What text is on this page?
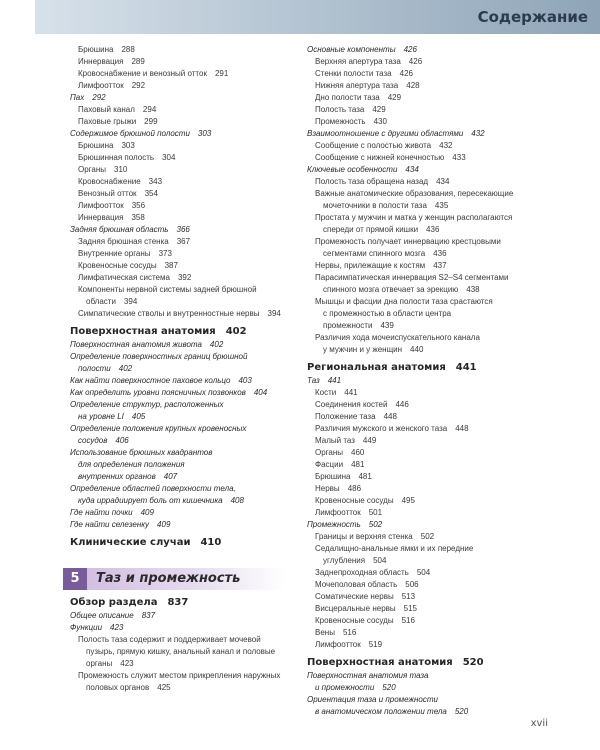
Содержание
Брюшина 288
Иннервация 289
Кровоснабжение и венозный отток 291
Лимфоотток 292
Пах 292
Паховый канал 294
Паховые грыжи 299
Содержимое брюшной полости 303
Брюшина 303
Брюшинная полость 304
Органы 310
Кровоснабжение 343
Венозный отток 354
Лимфоотток 356
Иннервация 358
Задняя брюшная область 366
Задняя брюшная стенка 367
Внутренние органы 373
Кровеносные сосуды 387
Лимфатическая система 392
Компоненты нервной системы задней брюшной
области 394
Симпатические стволы и внутренностные нервы 394
Поверхностная анатомия 402
Поверхностная анатомия живота 402
Определение поверхностных границ брюшной
полости 402
Как найти поверхностное паховое кольцо 403
Как определить уровни поясничных позвонков 404
Определение структур, расположенных
на уровне LI 405
Определение положения крупных кровеносных
сосудов 406
Использование брюшных квадрантов

для определения положения
внутренних органов 407
Определение областей поверхности тела,
куда иррадиирует боль от кишечника 408
Где найти почки 409
Где найти селезенку 409
Клинические случаи 410
5	Таз и промежность
Обзор раздела 837
Общее описание 837
Функции 423
Полость таза содержит и поддерживает мочевой

пузырь, прямую кишку, анальный канал и половые
органы 423
Промежность служит местом прикрепления наружных
половых органов 425
Основные компоненты 426
Верхняя апертура таза 426
Стенки полости таза 426
Нижняя апертура таза 428
Дно полости таза 429
Полость таза 429
Промежность 430
Взаимоотношение с другими областями 432
Сообщение с полостью живота 432
Сообщение с нижней конечностью 433
Ключевые особенности 434
Полость таза обращена назад 434
Важные анатомические образования, пересекающие
мочеточники в полости таза 435
Простата у мужчин и матка у женщин располагаются
спереди от прямой кишки 436
Промежность получает иннервацию крестцовыми
сегментами спинного мозга 436
Нервы, прилежащие к костям 437
Парасимпатическая иннервация S2–S4 сегментами
спинного мозга отвечает за эрекцию 438
Мышцы и фасции дна полости таза срастаются

с промежностью в области центра
промежности 439
Различия хода мочеиспускательного канала
у мужчин и у женщин 440
Региональная анатомия 441
Таз 441
Кости 441
Соединения костей 446
Положение таза 448
Различия мужского и женского таза 448
Малый таз 449
Органы 460
Фасции 481
Брюшина 481
Нервы 486
Кровеносные сосуды 495
Лимфоотток 501
Промежность 502
Границы и верхняя стенка 502
Седалищно-анальные ямки и их передние
углубления 504
Заднепроходная область 504
Мочеполовая область 506
Соматические нервы 513
Висцеральные нервы 515
Кровеносные сосуды 516
Вены 516
Лимфоотток 519
Поверхностная анатомия 520
Поверхностная анатомия таза
и промежности 520
Ориентация таза и промежности
в анатомическом положении тела 520
xvii
